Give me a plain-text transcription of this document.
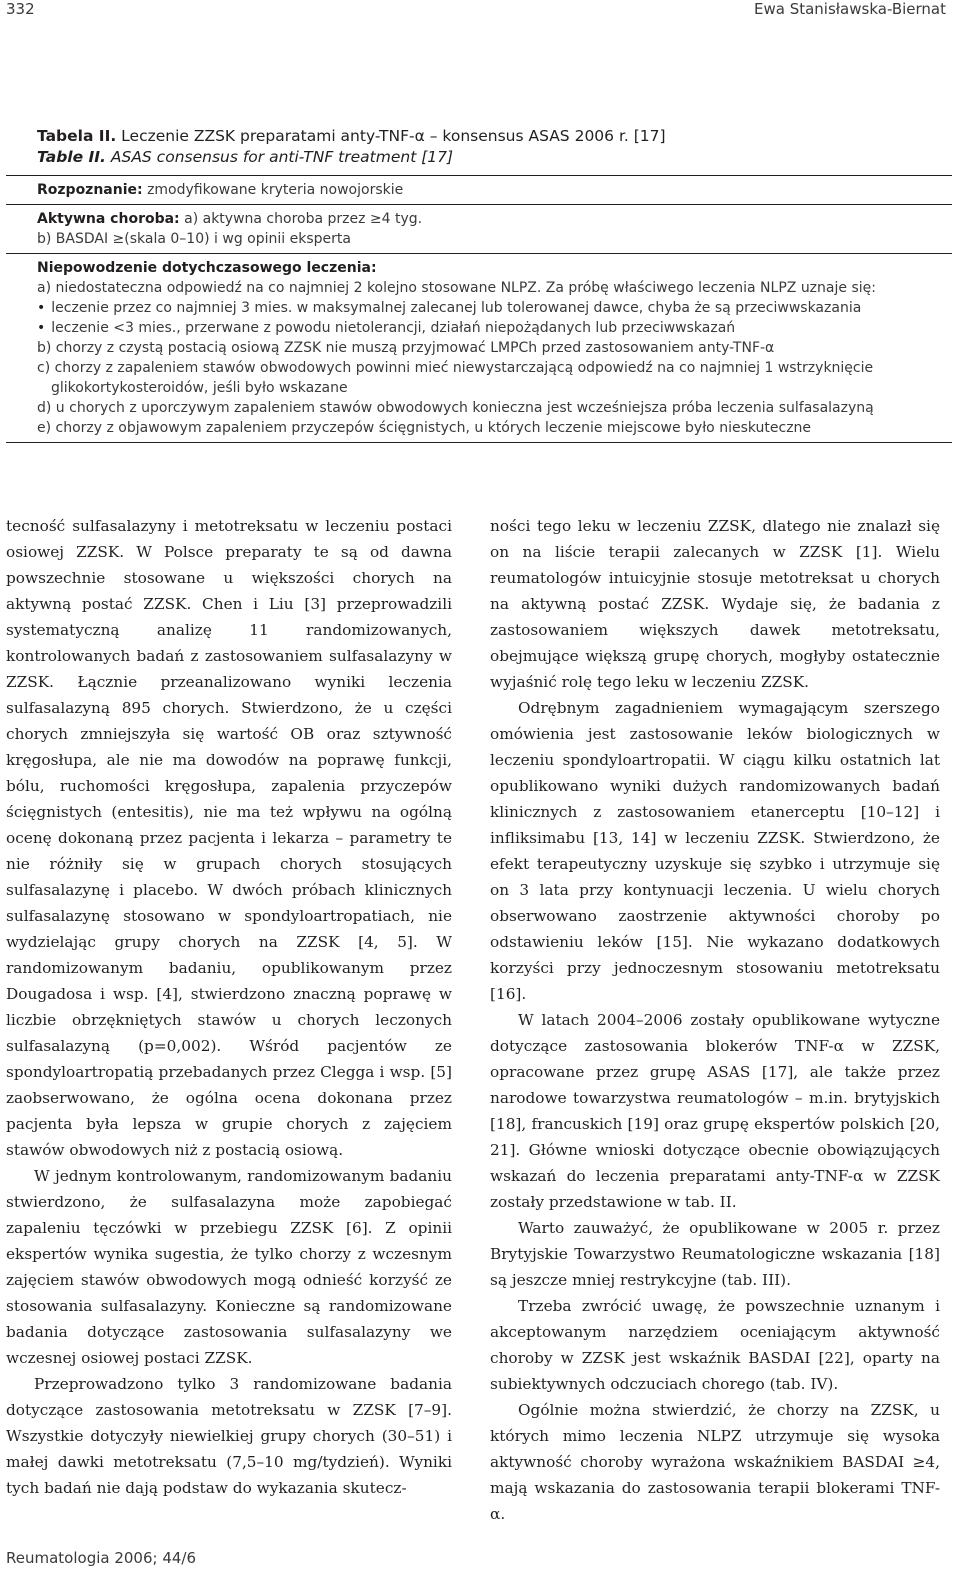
332	Ewa Stanisławska-Biernat
Tabela II. Leczenie ZZSK preparatami anty-TNF-α – konsensus ASAS 2006 r. [17]
Table II. ASAS consensus for anti-TNF treatment [17]
Rozpoznanie: zmodyfikowane kryteria nowojorskie
Aktywna choroba: a) aktywna choroba przez ≥4 tyg.
b) BASDAI ≥(skala 0–10) i wg opinii eksperta
Niepowodzenie dotychczasowego leczenia:
a) niedostateczna odpowiedź na co najmniej 2 kolejno stosowane NLPZ. Za próbę właściwego leczenia NLPZ uznaje się:
• leczenie przez co najmniej 3 mies. w maksymalnej zalecanej lub tolerowanej dawce, chyba że są przeciwwskazania
• leczenie <3 mies., przerwane z powodu nietolerancji, działań niepożądanych lub przeciwwskazań
b) chorzy z czystą postacią osiową ZZSK nie muszą przyjmować LMPCh przed zastosowaniem anty-TNF-α
c) chorzy z zapaleniem stawów obwodowych powinni mieć niewystarczającą odpowiedź na co najmniej 1 wstrzyknięcie
glikokortykosteroidów, jeśli było wskazane
d) u chorych z uporczywym zapaleniem stawów obwodowych konieczna jest wcześniejsza próba leczenia sulfasalazyną
e) chorzy z objawowym zapaleniem przyczepów ścięgnistych, u których leczenie miejscowe było nieskuteczne

tecność sulfasalazyny i metotreksatu w leczeniu postaci osiowej ZZSK. W Polsce preparaty te są od dawna powszechnie stosowane u większości chorych na aktywną postać ZZSK. Chen i Liu [3] przeprowadzili systematyczną analizę 11 randomizowanych, kontrolowanych badań z zastosowaniem sulfasalazyny w ZZSK. Łącznie przeanalizowano wyniki leczenia sulfasalazyną 895 chorych. Stwierdzono, że u części chorych zmniejszyła się wartość OB oraz sztywność kręgosłupa, ale nie ma dowodów na poprawę funkcji, bólu, ruchomości kręgosłupa, zapalenia przyczepów ścięgnistych (entesitis), nie ma też wpływu na ogólną ocenę dokonaną przez pacjenta i lekarza – parametry te nie różniły się w grupach chorych stosujących sulfasalazynę i placebo. W dwóch próbach klinicznych sulfasalazynę stosowano w spondyloartropatiach, nie wydzielając grupy chorych na ZZSK [4, 5]. W randomizowanym badaniu, opublikowanym przez Dougadosa i wsp. [4], stwierdzono znaczną poprawę w liczbie obrzękniętych stawów u chorych leczonych sulfasalazyną (p=0,002). Wśród pacjentów ze spondyloartropatią przebadanych przez Clegga i wsp. [5] zaobserwowano, że ogólna ocena dokonana przez pacjenta była lepsza w grupie chorych z zajęciem stawów obwodowych niż z postacią osiową.

W jednym kontrolowanym, randomizowanym badaniu stwierdzono, że sulfasalazyna może zapobiegać zapaleniu tęczówki w przebiegu ZZSK [6]. Z opinii ekspertów wynika sugestia, że tylko chorzy z wczesnym zajęciem stawów obwodowych mogą odnieść korzyść ze stosowania sulfasalazyny. Konieczne są randomizowane badania dotyczące zastosowania sulfasalazyny we wczesnej osiowej postaci ZZSK.

Przeprowadzono tylko 3 randomizowane badania dotyczące zastosowania metotreksatu w ZZSK [7–9]. Wszystkie dotyczyły niewielkiej grupy chorych (30–51) i małej dawki metotreksatu (7,5–10 mg/tydzień). Wyniki tych badań nie dają podstaw do wykazania skutecz-

ności tego leku w leczeniu ZZSK, dlatego nie znalazł się on na liście terapii zalecanych w ZZSK [1]. Wielu reumatologów intuicyjnie stosuje metotreksat u chorych na aktywną postać ZZSK. Wydaje się, że badania z zastosowaniem większych dawek metotreksatu, obejmujące większą grupę chorych, mogłyby ostatecznie wyjaśnić rolę tego leku w leczeniu ZZSK.

Odrębnym zagadnieniem wymagającym szerszego omówienia jest zastosowanie leków biologicznych w leczeniu spondyloartropatii. W ciągu kilku ostatnich lat opublikowano wyniki dużych randomizowanych badań klinicznych z zastosowaniem etanerceptu [10–12] i infliksimabu [13, 14] w leczeniu ZZSK. Stwierdzono, że efekt terapeutyczny uzyskuje się szybko i utrzymuje się on 3 lata przy kontynuacji leczenia. U wielu chorych obserwowano zaostrzenie aktywności choroby po odstawieniu leków [15]. Nie wykazano dodatkowych korzyści przy jednoczesnym stosowaniu metotreksatu [16].

W latach 2004–2006 zostały opublikowane wytyczne dotyczące zastosowania blokerów TNF-α w ZZSK, opracowane przez grupę ASAS [17], ale także przez narodowe towarzystwa reumatologów – m.in. brytyjskich [18], francuskich [19] oraz grupę ekspertów polskich [20, 21]. Główne wnioski dotyczące obecnie obowiązujących wskazań do leczenia preparatami anty-TNF-α w ZZSK zostały przedstawione w tab. II.

Warto zauważyć, że opublikowane w 2005 r. przez Brytyjskie Towarzystwo Reumatologiczne wskazania [18] są jeszcze mniej restrykcyjne (tab. III).

Trzeba zwrócić uwagę, że powszechnie uznanym i akceptowanym narzędziem oceniającym aktywność choroby w ZZSK jest wskaźnik BASDAI [22], oparty na subiektywnych odczuciach chorego (tab. IV).

Ogólnie można stwierdzić, że chorzy na ZZSK, u których mimo leczenia NLPZ utrzymuje się wysoka aktywność choroby wyrażona wskaźnikiem BASDAI ≥4, mają wskazania do zastosowania terapii blokerami TNF-α.

Reumatologia 2006; 44/6
